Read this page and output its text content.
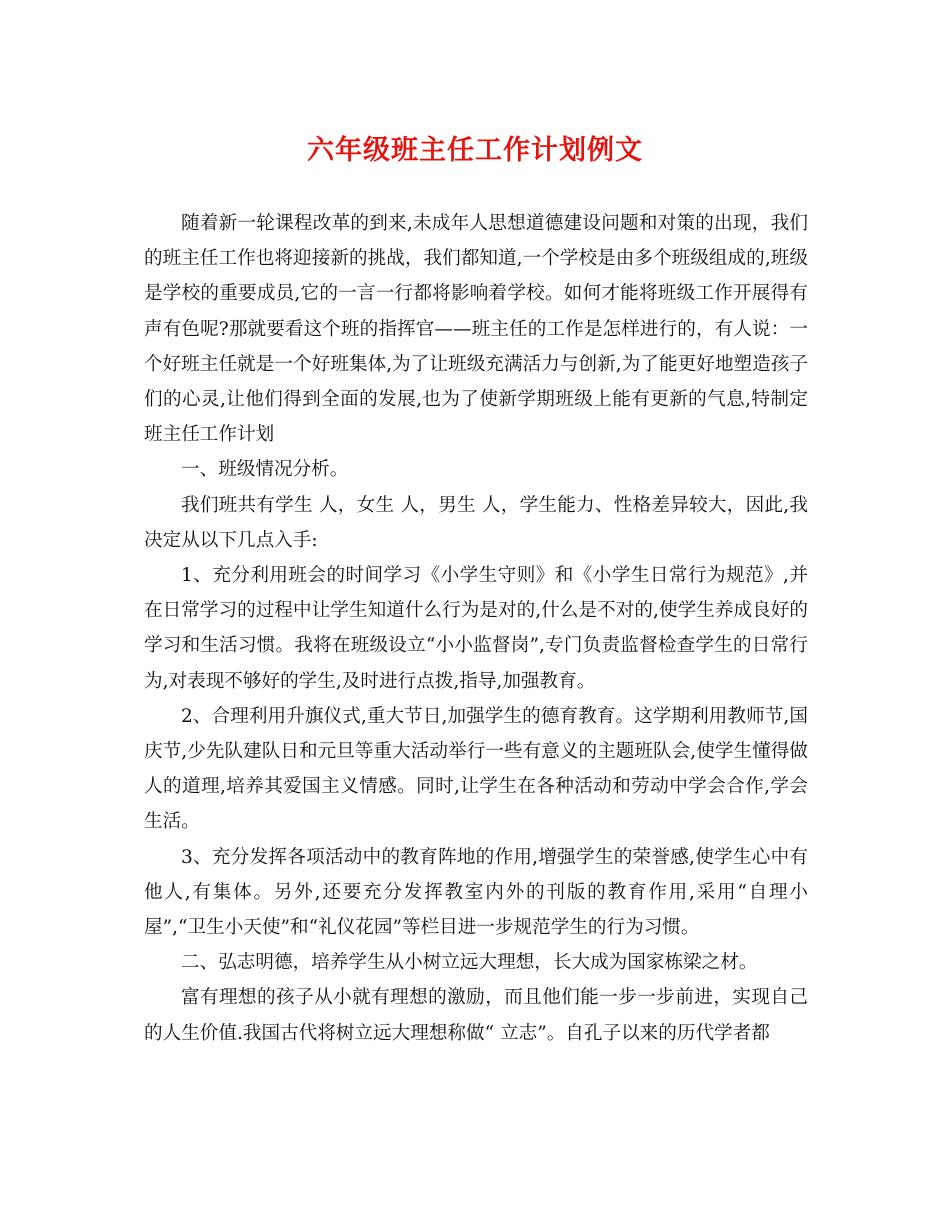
六年级班主任工作计划例文

随着新一轮课程改革的到来,未成年人思想道德建设问题和对策的出现，我们的班主任工作也将迎接新的挑战，我们都知道,一个学校是由多个班级组成的,班级是学校的重要成员,它的一言一行都将影响着学校。如何才能将班级工作开展得有声有色呢?那就要看这个班的指挥官——班主任的工作是怎样进行的，有人说：一个好班主任就是一个好班集体,为了让班级充满活力与创新,为了能更好地塑造孩子们的心灵,让他们得到全面的发展,也为了使新学期班级上能有更新的气息,特制定班主任工作计划

一、班级情况分析。

我们班共有学生 人，女生 人，男生 人，学生能力、性格差异较大，因此,我决定从以下几点入手:

1、充分利用班会的时间学习《小学生守则》和《小学生日常行为规范》,并在日常学习的过程中让学生知道什么行为是对的,什么是不对的,使学生养成良好的学习和生活习惯。我将在班级设立“小小监督岗”,专门负责监督检查学生的日常行为,对表现不够好的学生,及时进行点拨,指导,加强教育。

2、合理利用升旗仪式,重大节日,加强学生的德育教育。这学期利用教师节,国庆节,少先队建队日和元旦等重大活动举行一些有意义的主题班队会,使学生懂得做人的道理,培养其爱国主义情感。同时,让学生在各种活动和劳动中学会合作,学会生活。

3、充分发挥各项活动中的教育阵地的作用,增强学生的荣誉感,使学生心中有他人,有集体。另外,还要充分发挥教室内外的刊版的教育作用,采用“自理小屋”,“卫生小天使”和“礼仪花园”等栏目进一步规范学生的行为习惯。

二、弘志明德，培养学生从小树立远大理想，长大成为国家栋梁之材。

富有理想的孩子从小就有理想的激励，而且他们能一步一步前进，实现自己的人生价值.我国古代将树立远大理想称做“ 立志”。自孔子以来的历代学者都
